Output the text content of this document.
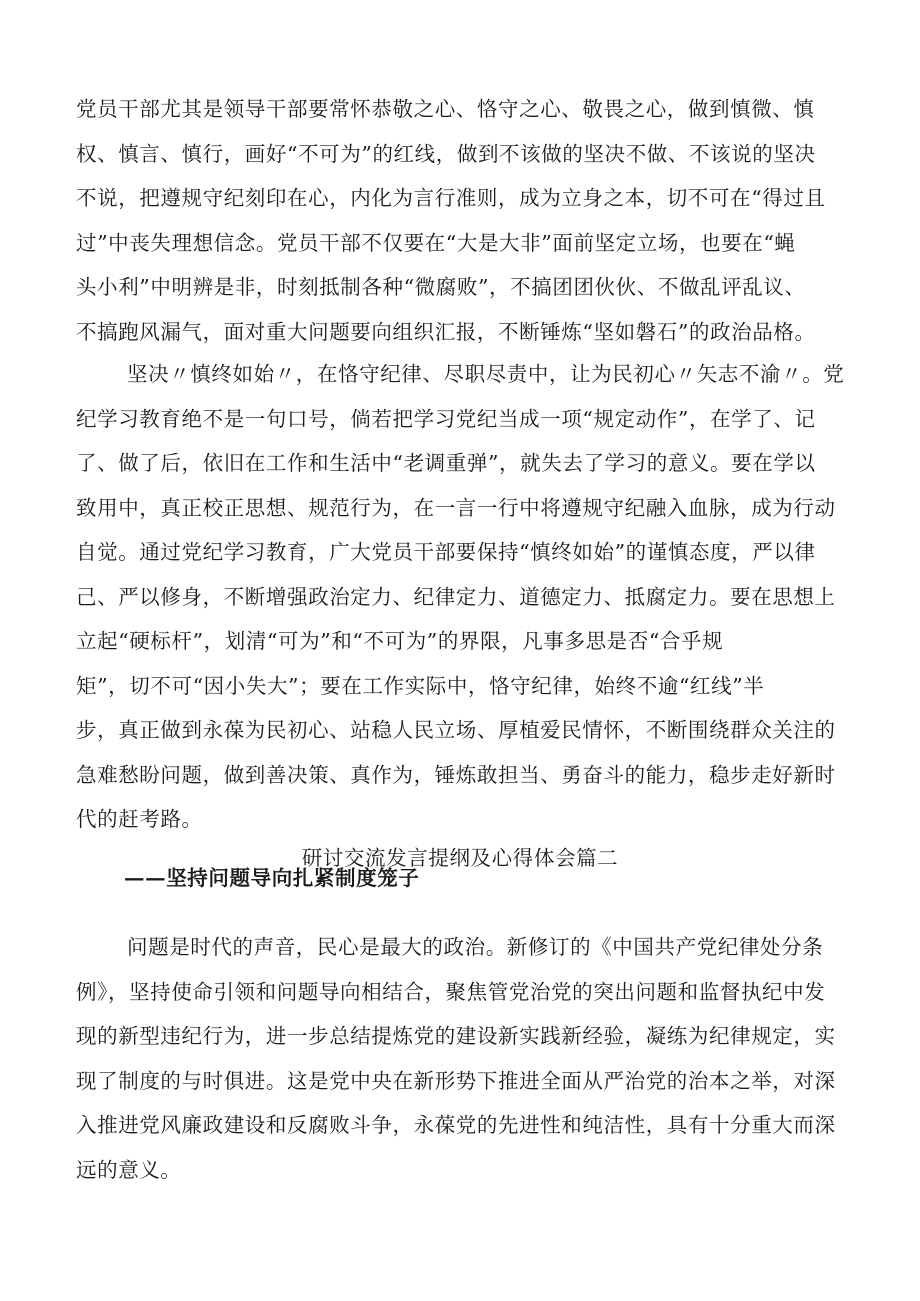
党员干部尤其是领导干部要常怀恭敬之心、恪守之心、敬畏之心，做到慎微、慎
权、慎言、慎行，画好“不可为”的红线，做到不该做的坚决不做、不该说的坚决
不说，把遵规守纪刻印在心，内化为言行准则，成为立身之本，切不可在“得过且
过”中丧失理想信念。党员干部不仅要在“大是大非”面前坚定立场，也要在“蝇
头小利”中明辨是非，时刻抵制各种“微腐败”，不搞团团伙伙、不做乱评乱议、
不搞跑风漏气，面对重大问题要向组织汇报，不断锤炼“坚如磐石”的政治品格。
坚决〃慎终如始〃，在恪守纪律、尽职尽责中，让为民初心〃矢志不渝〃。党
纪学习教育绝不是一句口号，倘若把学习党纪当成一项“规定动作”，在学了、记
了、做了后，依旧在工作和生活中“老调重弹”，就失去了学习的意义。要在学以
致用中，真正校正思想、规范行为，在一言一行中将遵规守纪融入血脉，成为行动
自觉。通过党纪学习教育，广大党员干部要保持“慎终如始”的谨慎态度，严以律
己、严以修身，不断增强政治定力、纪律定力、道德定力、抵腐定力。要在思想上
立起“硬标杆”，划清“可为”和“不可为”的界限，凡事多思是否“合乎规
矩”，切不可“因小失大”；要在工作实际中，恪守纪律，始终不逾“红线”半
步，真正做到永葆为民初心、站稳人民立场、厚植爱民情怀，不断围绕群众关注的
急难愁盼问题，做到善决策、真作为，锤炼敢担当、勇奋斗的能力，稳步走好新时
代的赶考路。
研讨交流发言提纲及心得体会篇二
——坚持问题导向扎紧制度笼子
问题是时代的声音，民心是最大的政治。新修订的《中国共产党纪律处分条
例》，坚持使命引领和问题导向相结合，聚焦管党治党的突出问题和监督执纪中发
现的新型违纪行为，进一步总结提炼党的建设新实践新经验，凝练为纪律规定，实
现了制度的与时俱进。这是党中央在新形势下推进全面从严治党的治本之举，对深
入推进党风廉政建设和反腐败斗争，永葆党的先进性和纯洁性，具有十分重大而深
远的意义。
